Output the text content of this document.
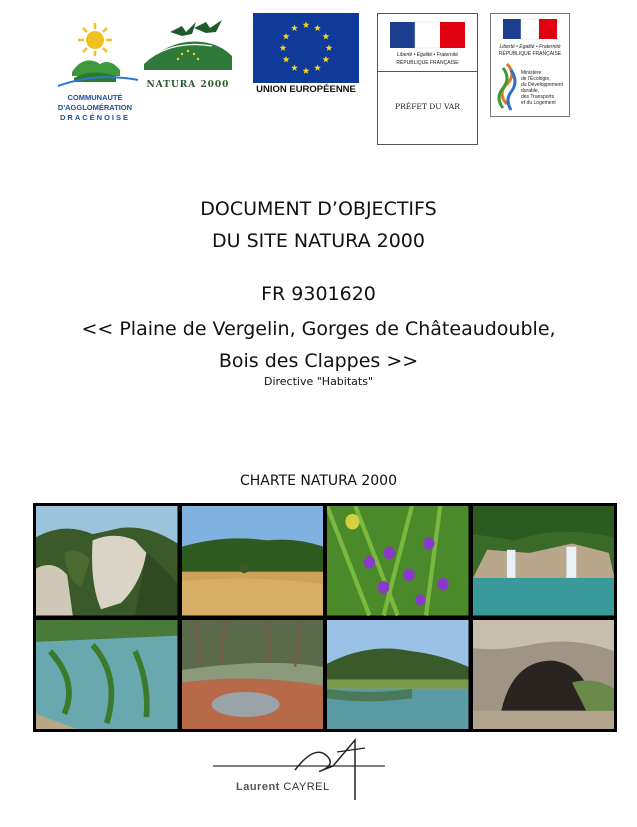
COMMUNAUTÉ
D'AGGLOMÉRATION
DRACÉNOISE
NATURA 2000	UNION EUROPÉENNE
Liberté • Égalité • Fraternité
RÉPUBLIQUE FRANÇAISE
PRÉFET DU VAR
Liberté • Égalité • Fraternité
RÉPUBLIQUE FRANÇAISE
Ministère
de l'Écologie,
du Développement
durable,
des Transports
et du Logement
DOCUMENT D’OBJECTIFS
DU SITE NATURA 2000
FR 9301620
<< Plaine de Vergelin, Gorges de Châteaudouble,
Bois des Clappes >>
Directive "Habitats"
CHARTE NATURA 2000
Laurent CAYREL
